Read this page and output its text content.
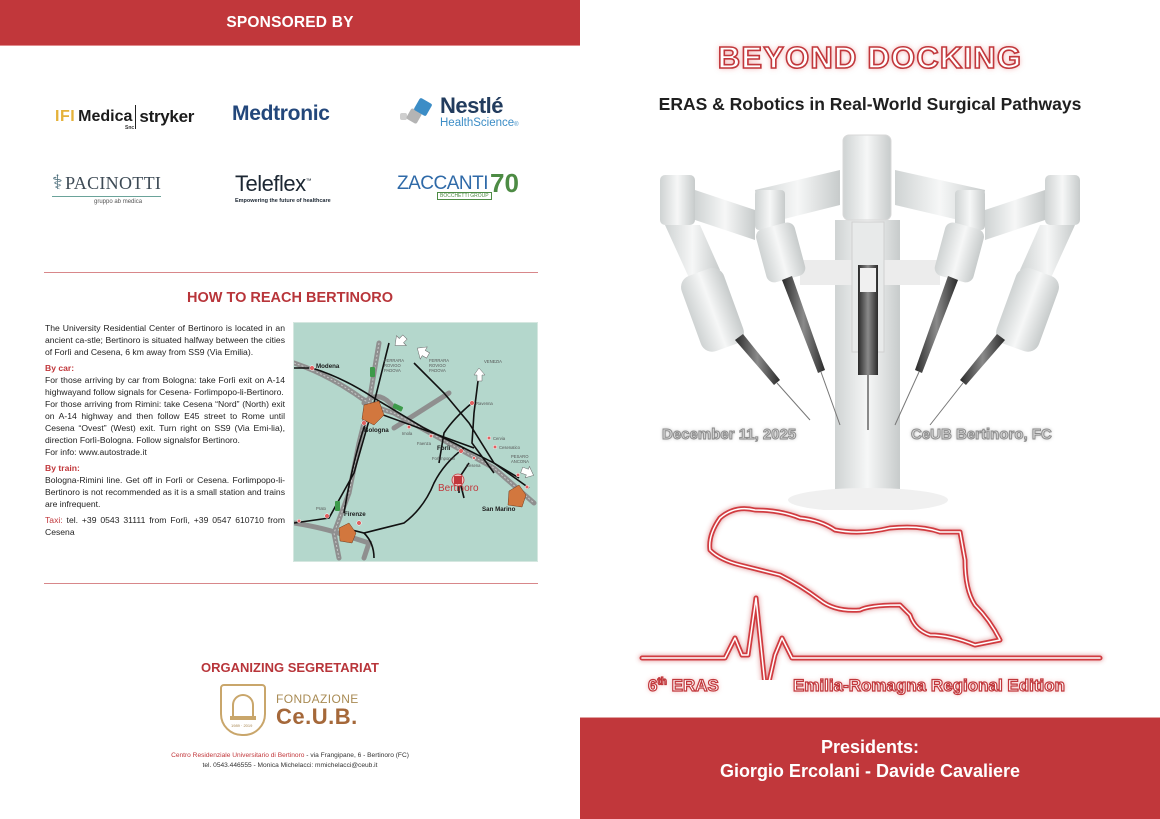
SPONSORED BY
IFI Medica stryker
Snc
Medtronic	Nestlé
HealthScience®
⚕ PACINOTTI
gruppo ab medica
Teleflex™
Empowering the future of healthcare
ZACCANTI 70
BOCCHETTI GROUP
HOW TO REACH BERTINORO

The University Residential Center of Bertinoro is located in an ancient ca-stle; Bertinoro is situated halfway between the cities of Forlì and Cesena, 6 km away from SS9 (Via Emilia).

By car:
For those arriving by car from Bologna: take Forlì exit on A-14 highwayand follow signals for Cesena- Forlimpopo-li-Bertinoro.
For those arriving from Rimini: take Cesena “Nord” (North) exit on A-14 highway and then follow E45 street to Rome until Cesena “Ovest” (West) exit. Turn right on SS9 (Via Emi-lia), direction Forlì-Bologna. Follow signalsfor Bertinoro.
For info: www.autostrade.it

By train:
Bologna-Rimini line. Get off in Forlì or Cesena. Forlimpopo-li-Bertinoro is not recommended as it is a small station and trains are infrequent.

Taxi: tel. +39 0543 31111 from Forlì, +39 0547 610710 from Cesena

Modena
Bologna
Forlì
Firenze
San Marino
FERRARA ROVIGO PADOVA
FERRARA ROVIGO PADOVA
VENEZIA
Ravenna
Imola
Faenza
Cervia
Cesenatico
PESARO ANCONA
Forlimpopoli
Cesena
Prato
Bertinoro
ORGANIZING SEGRETARIAT
1989 · 2019
FONDAZIONE
Ce.U.B.
Centro Residenziale Universitario di Bertinoro - via Frangipane, 6 - Bertinoro (FC)
tel. 0543.446555 - Monica Michelacci: mmichelacci@ceub.it
BEYOND DOCKING
ERAS & Robotics in Real-World Surgical Pathways
December 11, 2025	CeUB Bertinoro, FC
6th ERAS	Emilia-Romagna Regional Edition
Presidents:
Giorgio Ercolani - Davide Cavaliere
